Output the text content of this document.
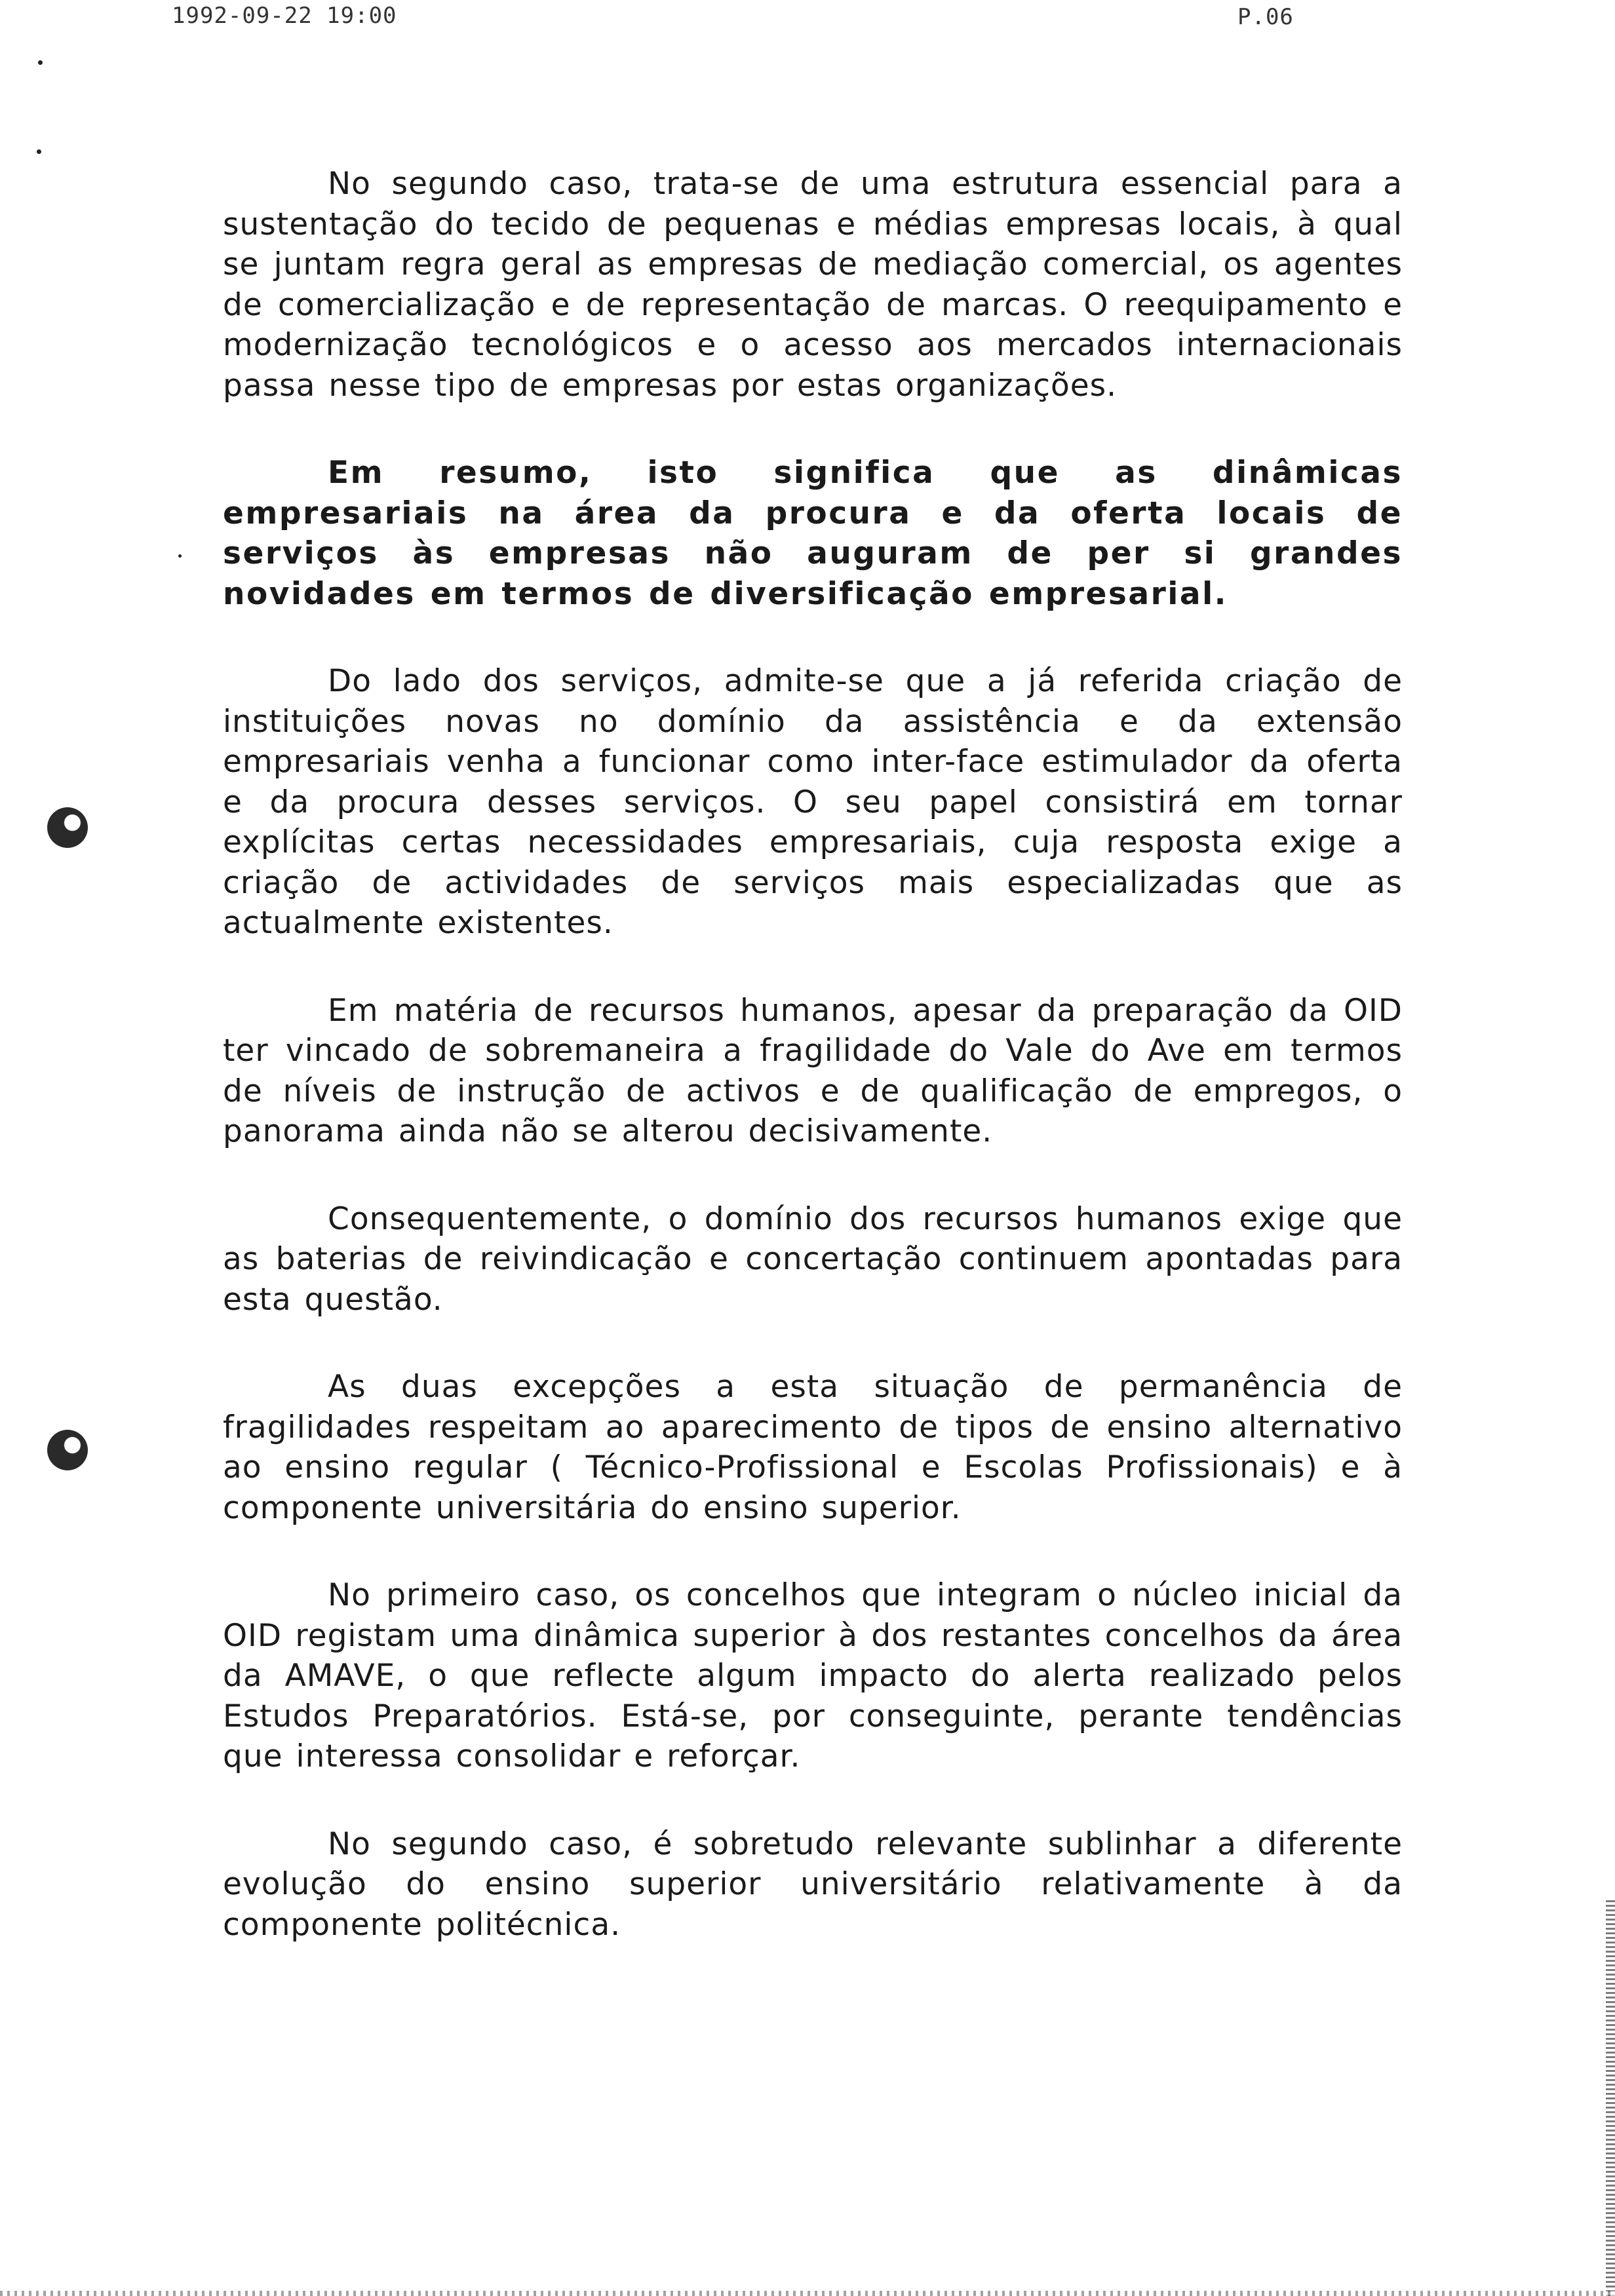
1992-09-22 19:00	P.06

No segundo caso, trata-se de uma estrutura essencial para a sustentação do tecido de pequenas e médias empresas locais, à qual se juntam regra geral as empresas de mediação comercial, os agentes de comercialização e de representação de marcas. O reequipamento e modernização tecnológicos e o acesso aos mercados internacionais passa nesse tipo de empresas por estas organizações.

Em resumo, isto significa que as dinâmicas empresariais na área da procura e da oferta locais de serviços às empresas não auguram de per si grandes novidades em termos de diversificação empresarial.

Do lado dos serviços, admite-se que a já referida criação de instituições novas no domínio da assistência e da extensão empresariais venha a funcionar como inter-face estimulador da oferta e da procura desses serviços. O seu papel consistirá em tornar explícitas certas necessidades empresariais, cuja resposta exige a criação de actividades de serviços mais especializadas que as actualmente existentes.

Em matéria de recursos humanos, apesar da preparação da OID ter vincado de sobremaneira a fragilidade do Vale do Ave em termos de níveis de instrução de activos e de qualificação de empregos, o panorama ainda não se alterou decisivamente.

Consequentemente, o domínio dos recursos humanos exige que as baterias de reivindicação e concertação continuem apontadas para esta questão.

As duas excepções a esta situação de permanência de fragilidades respeitam ao aparecimento de tipos de ensino alternativo ao ensino regular ( Técnico-Profissional e Escolas Profissionais) e à componente universitária do ensino superior.

No primeiro caso, os concelhos que integram o núcleo inicial da OID registam uma dinâmica superior à dos restantes concelhos da área da AMAVE, o que reflecte algum impacto do alerta realizado pelos Estudos Preparatórios. Está-se, por conseguinte, perante tendências que interessa consolidar e reforçar.

No segundo caso, é sobretudo relevante sublinhar a diferente evolução do ensino superior universitário relativamente à da componente politécnica.
